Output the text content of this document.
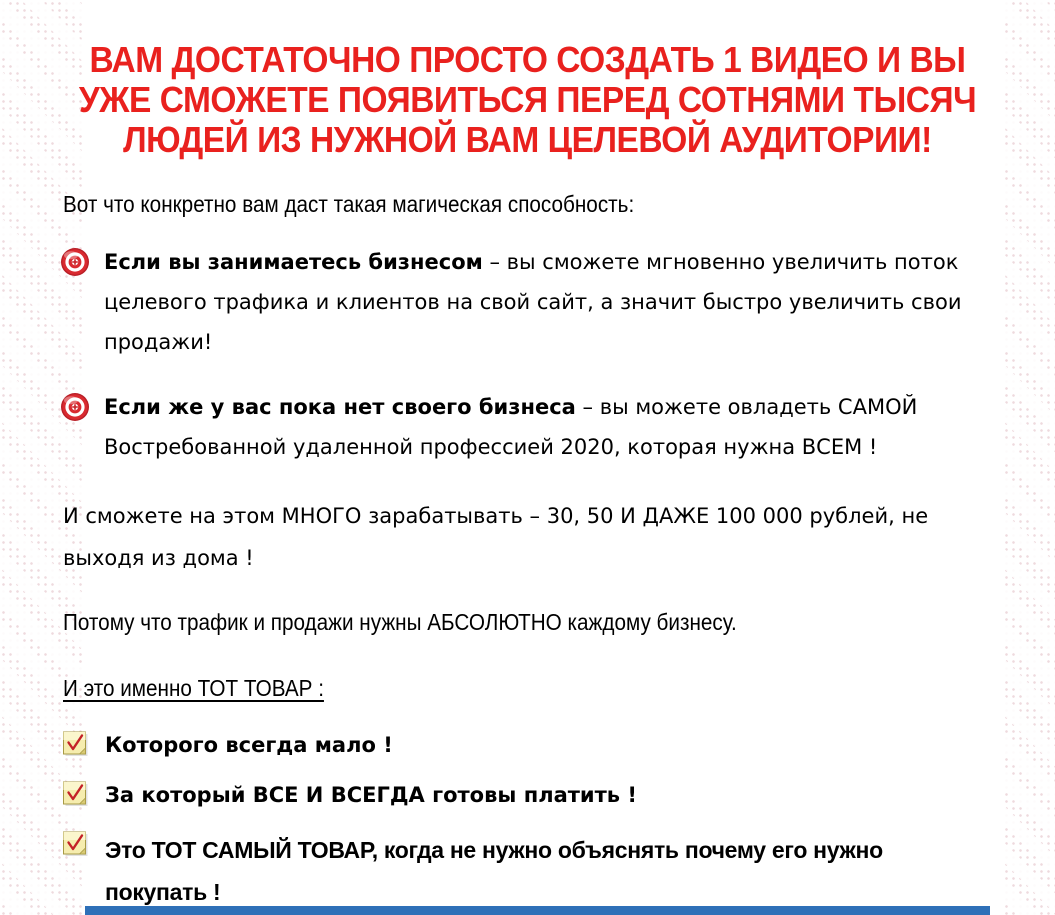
ВАМ ДОСТАТОЧНО ПРОСТО СОЗДАТЬ 1 ВИДЕО И ВЫ
УЖЕ СМОЖЕТЕ ПОЯВИТЬСЯ ПЕРЕД СОТНЯМИ ТЫСЯЧ
ЛЮДЕЙ ИЗ НУЖНОЙ ВАМ ЦЕЛЕВОЙ АУДИТОРИИ!

Вот что конкретно вам даст такая магическая способность:

Если вы занимаетесь бизнесом – вы сможете мгновенно увеличить поток целевого трафика и клиентов на свой сайт, а значит быстро увеличить свои продажи!

Если же у вас пока нет своего бизнеса – вы можете овладеть САМОЙ Востребованной удаленной профессией 2020, которая нужна ВСЕМ !

И сможете на этом МНОГО зарабатывать – 30, 50 И ДАЖЕ 100 000 рублей, не выходя из дома !

Потому что трафик и продажи нужны АБСОЛЮТНО каждому бизнесу.

И это именно ТОТ ТОВАР :

Которого всегда мало !
За который ВСЕ И ВСЕГДА готовы платить !
Это ТОТ САМЫЙ ТОВАР, когда не нужно объяснять почему его нужно покупать !
